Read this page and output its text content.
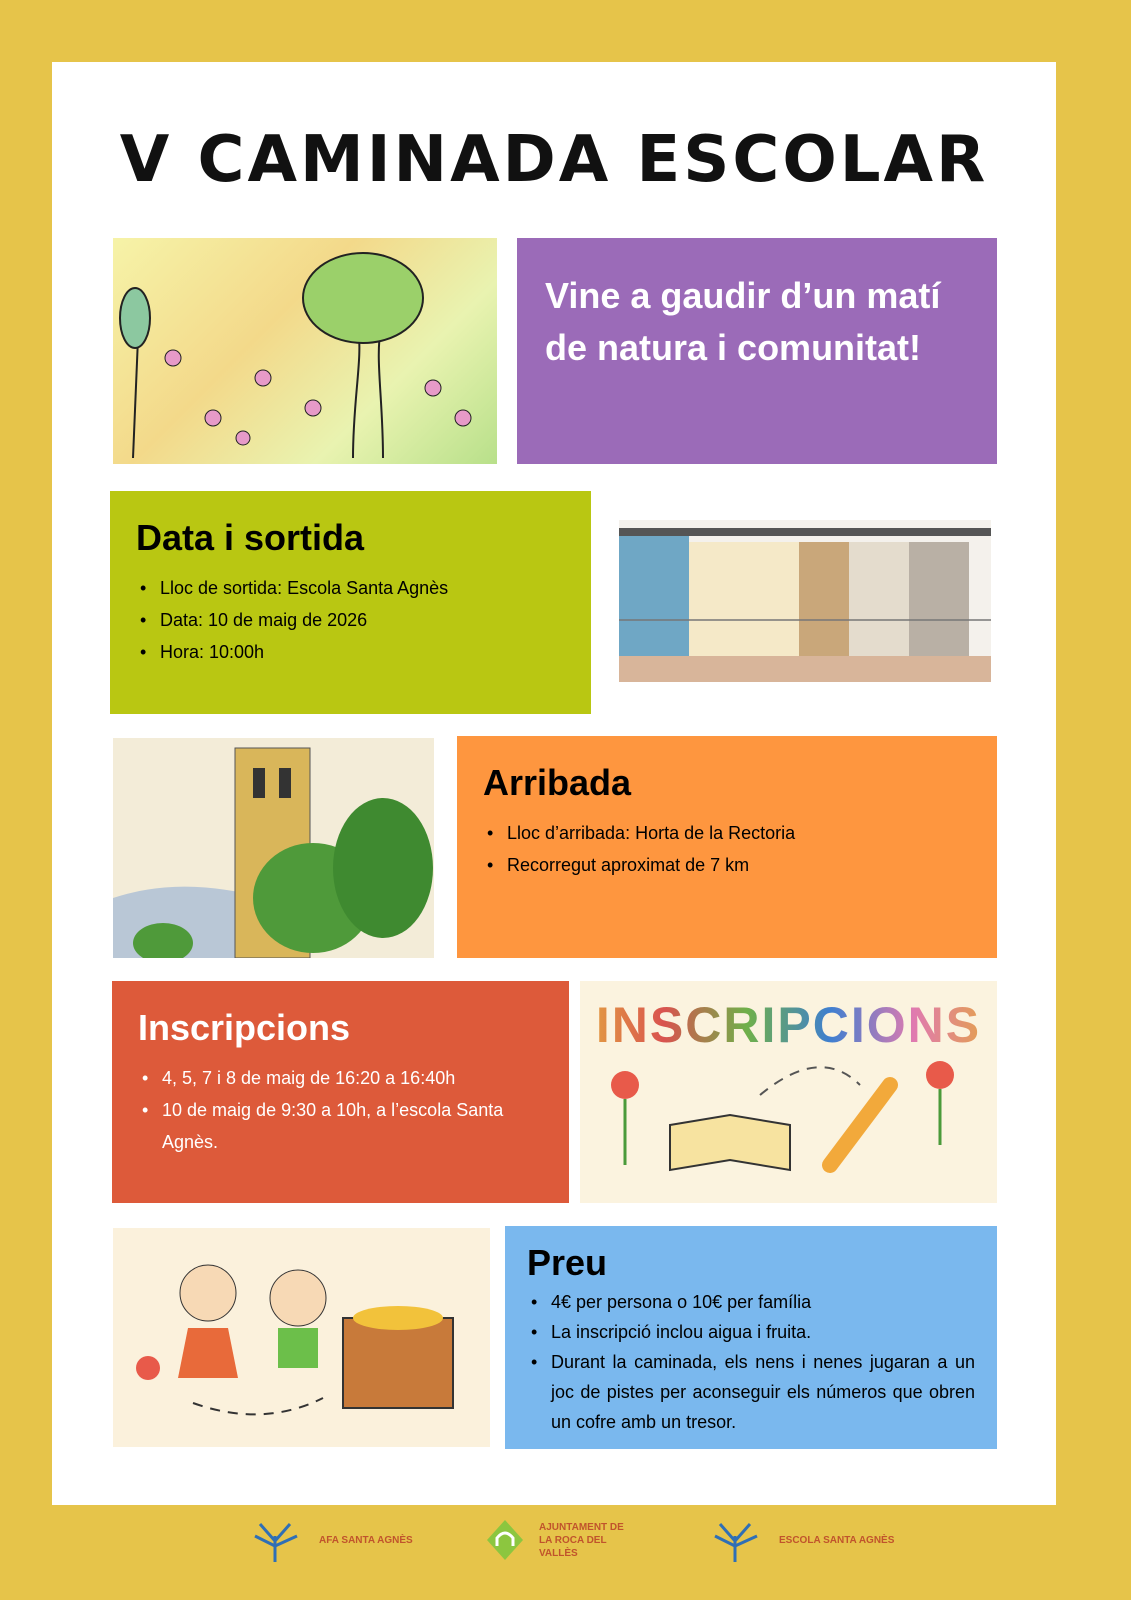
V CAMINADA ESCOLAR
Vine a gaudir d’un matí de natura i comunitat!
Data i sortida
• Lloc de sortida: Escola Santa Agnès
• Data: 10 de maig de 2026
• Hora: 10:00h
Arribada
• Lloc d’arribada: Horta de la Rectoria
• Recorregut aproximat de 7 km
Inscripcions
• 4, 5, 7 i 8 de maig de 16:20 a 16:40h
• 10 de maig de 9:30 a 10h, a l’escola Santa Agnès.
INSCRIPCIONS
Preu
• 4€ per persona o 10€ per família
• La inscripció inclou aigua i fruita.
• Durant la caminada, els nens i nenes jugaran a un joc de pistes per aconseguir els números que obren un cofre amb un tresor.
AFA SANTA AGNÈS
AJUNTAMENT DE LA ROCA DEL VALLÈS
ESCOLA SANTA AGNÈS
